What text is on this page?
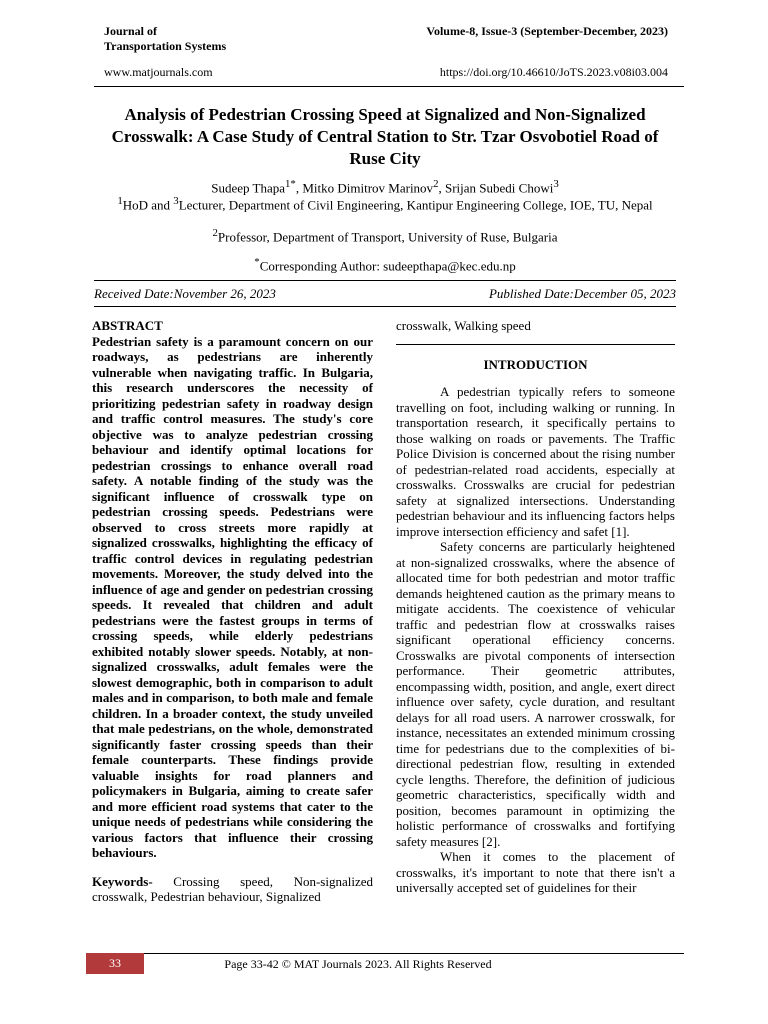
Journal of
Transportation Systems
Volume-8, Issue-3 (September-December, 2023)
www.matjournals.com	https://doi.org/10.46610/JoTS.2023.v08i03.004
Analysis of Pedestrian Crossing Speed at Signalized and Non-Signalized Crosswalk: A Case Study of Central Station to Str. Tzar Osvobotiel Road of Ruse City
Sudeep Thapa$^{1*}$, Mitko Dimitrov Marinov$^2$, Srijan Subedi Chowi$^3$
$^1$HoD and $^3$Lecturer, Department of Civil Engineering, Kantipur Engineering College, IOE, TU, Nepal
$^2$Professor, Department of Transport, University of Ruse, Bulgaria
*Corresponding Author: sudeepthapa@kec.edu.np
Received Date:November 26, 2023	Published Date:December 05, 2023
ABSTRACT
Pedestrian safety is a paramount concern on our roadways, as pedestrians are inherently vulnerable when navigating traffic. In Bulgaria, this research underscores the necessity of prioritizing pedestrian safety in roadway design and traffic control measures. The study's core objective was to analyze pedestrian crossing behaviour and identify optimal locations for pedestrian crossings to enhance overall road safety. A notable finding of the study was the significant influence of crosswalk type on pedestrian crossing speeds. Pedestrians were observed to cross streets more rapidly at signalized crosswalks, highlighting the efficacy of traffic control devices in regulating pedestrian movements. Moreover, the study delved into the influence of age and gender on pedestrian crossing speeds. It revealed that children and adult pedestrians were the fastest groups in terms of crossing speeds, while elderly pedestrians exhibited notably slower speeds. Notably, at non-signalized crosswalks, adult females were the slowest demographic, both in comparison to adult males and in comparison, to both male and female children. In a broader context, the study unveiled that male pedestrians, on the whole, demonstrated significantly faster crossing speeds than their female counterparts. These findings provide valuable insights for road planners and policymakers in Bulgaria, aiming to create safer and more efficient road systems that cater to the unique needs of pedestrians while considering the various factors that influence their crossing behaviours.
Keywords- Crossing speed, Non-signalized crosswalk, Pedestrian behaviour, Signalized
crosswalk, Walking speed
INTRODUCTION

A pedestrian typically refers to someone travelling on foot, including walking or running. In transportation research, it specifically pertains to those walking on roads or pavements. The Traffic Police Division is concerned about the rising number of pedestrian-related road accidents, especially at crosswalks. Crosswalks are crucial for pedestrian safety at signalized intersections. Understanding pedestrian behaviour and its influencing factors helps improve intersection efficiency and safet [1].

Safety concerns are particularly heightened at non-signalized crosswalks, where the absence of allocated time for both pedestrian and motor traffic demands heightened caution as the primary means to mitigate accidents. The coexistence of vehicular traffic and pedestrian flow at crosswalks raises significant operational efficiency concerns. Crosswalks are pivotal components of intersection performance. Their geometric attributes, encompassing width, position, and angle, exert direct influence over safety, cycle duration, and resultant delays for all road users. A narrower crosswalk, for instance, necessitates an extended minimum crossing time for pedestrians due to the complexities of bi-directional pedestrian flow, resulting in extended cycle lengths. Therefore, the definition of judicious geometric characteristics, specifically width and position, becomes paramount in optimizing the holistic performance of crosswalks and fortifying safety measures [2].

When it comes to the placement of crosswalks, it's important to note that there isn't a universally accepted set of guidelines for their

33	Page 33-42 © MAT Journals 2023. All Rights Reserved
